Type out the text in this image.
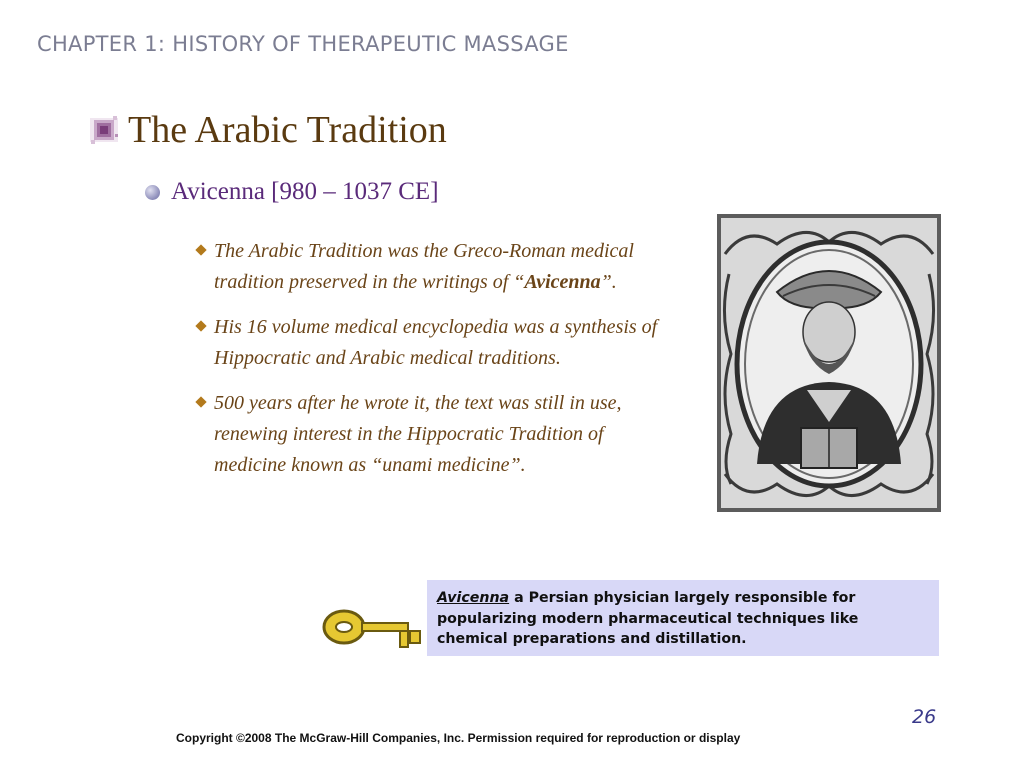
CHAPTER 1: HISTORY OF THERAPEUTIC MASSAGE
The Arabic Tradition
Avicenna [980 – 1037 CE]
The Arabic Tradition was the Greco-Roman medical tradition preserved in the writings of “Avicenna”.
His 16 volume medical encyclopedia was a synthesis of Hippocratic and Arabic medical traditions.
500 years after he wrote it, the text was still in use, renewing interest in the Hippocratic Tradition of medicine known as “unami medicine”.
Avicenna a Persian physician largely responsible for popularizing modern pharmaceutical techniques like chemical preparations and distillation.
26
Copyright ©2008 The McGraw-Hill Companies, Inc. Permission required for reproduction or display
